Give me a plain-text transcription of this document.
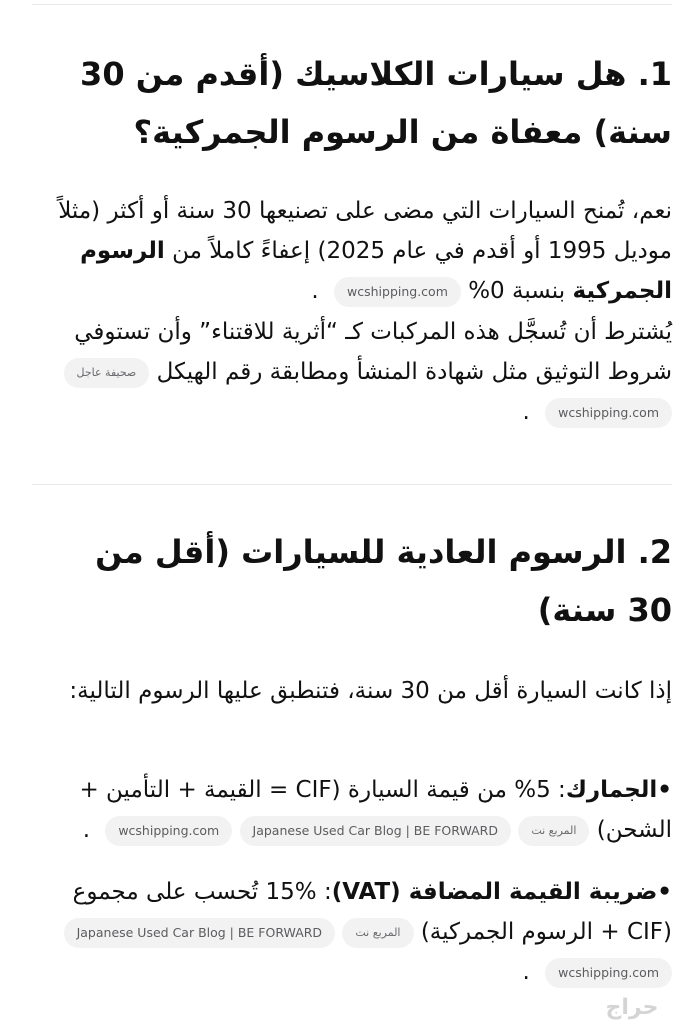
1. هل سيارات الكلاسيك (أقدم من 30 سنة) معفاة من الرسوم الجمركية؟

نعم، تُمنح السيارات التي مضى على تصنيعها 30 سنة أو أكثر (مثلاً موديل 1995 أو أقدم في عام 2025) إعفاءً كاملاً من الرسوم الجمركية بنسبة 0% wcshipping.com .

يُشترط أن تُسجَّل هذه المركبات كـ “أثرية للاقتناء” وأن تستوفي شروط التوثيق مثل شهادة المنشأ ومطابقة رقم الهيكل صحيفة عاجل wcshipping.com .

2. الرسوم العادية للسيارات (أقل من 30 سنة)

إذا كانت السيارة أقل من 30 سنة، فتنطبق عليها الرسوم التالية:

•الجمارك: 5% من قيمة السيارة (CIF = القيمة + التأمين + الشحن) المربع نت Japanese Used Car Blog | BE FORWARD wcshipping.com .

•ضريبة القيمة المضافة (VAT): 15% تُحسب على مجموع (CIF + الرسوم الجمركية) المربع نت Japanese Used Car Blog | BE FORWARD wcshipping.com .

حراج
